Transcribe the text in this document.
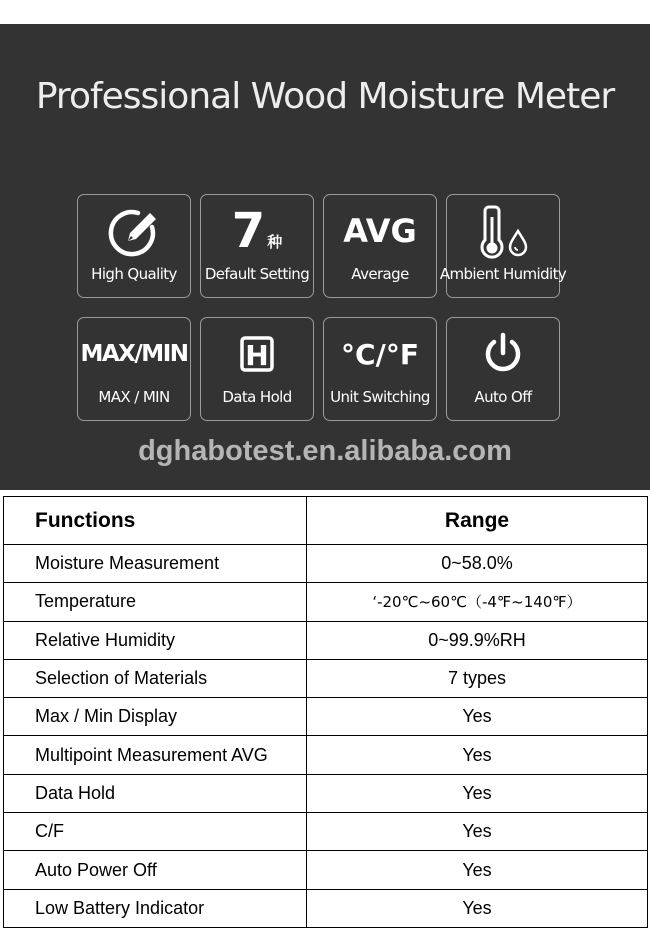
Professional Wood Moisture Meter
High Quality
7 种
Default Setting
AVG
Average	Ambient Humidity
MAX/MIN
MAX / MIN
H
Data Hold
°C/°F
Unit Switching	Auto Off
dghabotest.en.alibaba.com
Functions	Range
Moisture Measurement	0~58.0%
Temperature	‘-20℃~60℃（-4℉~140℉）
Relative Humidity	0~99.9%RH
Selection of Materials	7 types
Max / Min Display	Yes
Multipoint Measurement AVG	Yes
Data Hold	Yes
C/F	Yes
Auto Power Off	Yes
Low Battery Indicator	Yes
